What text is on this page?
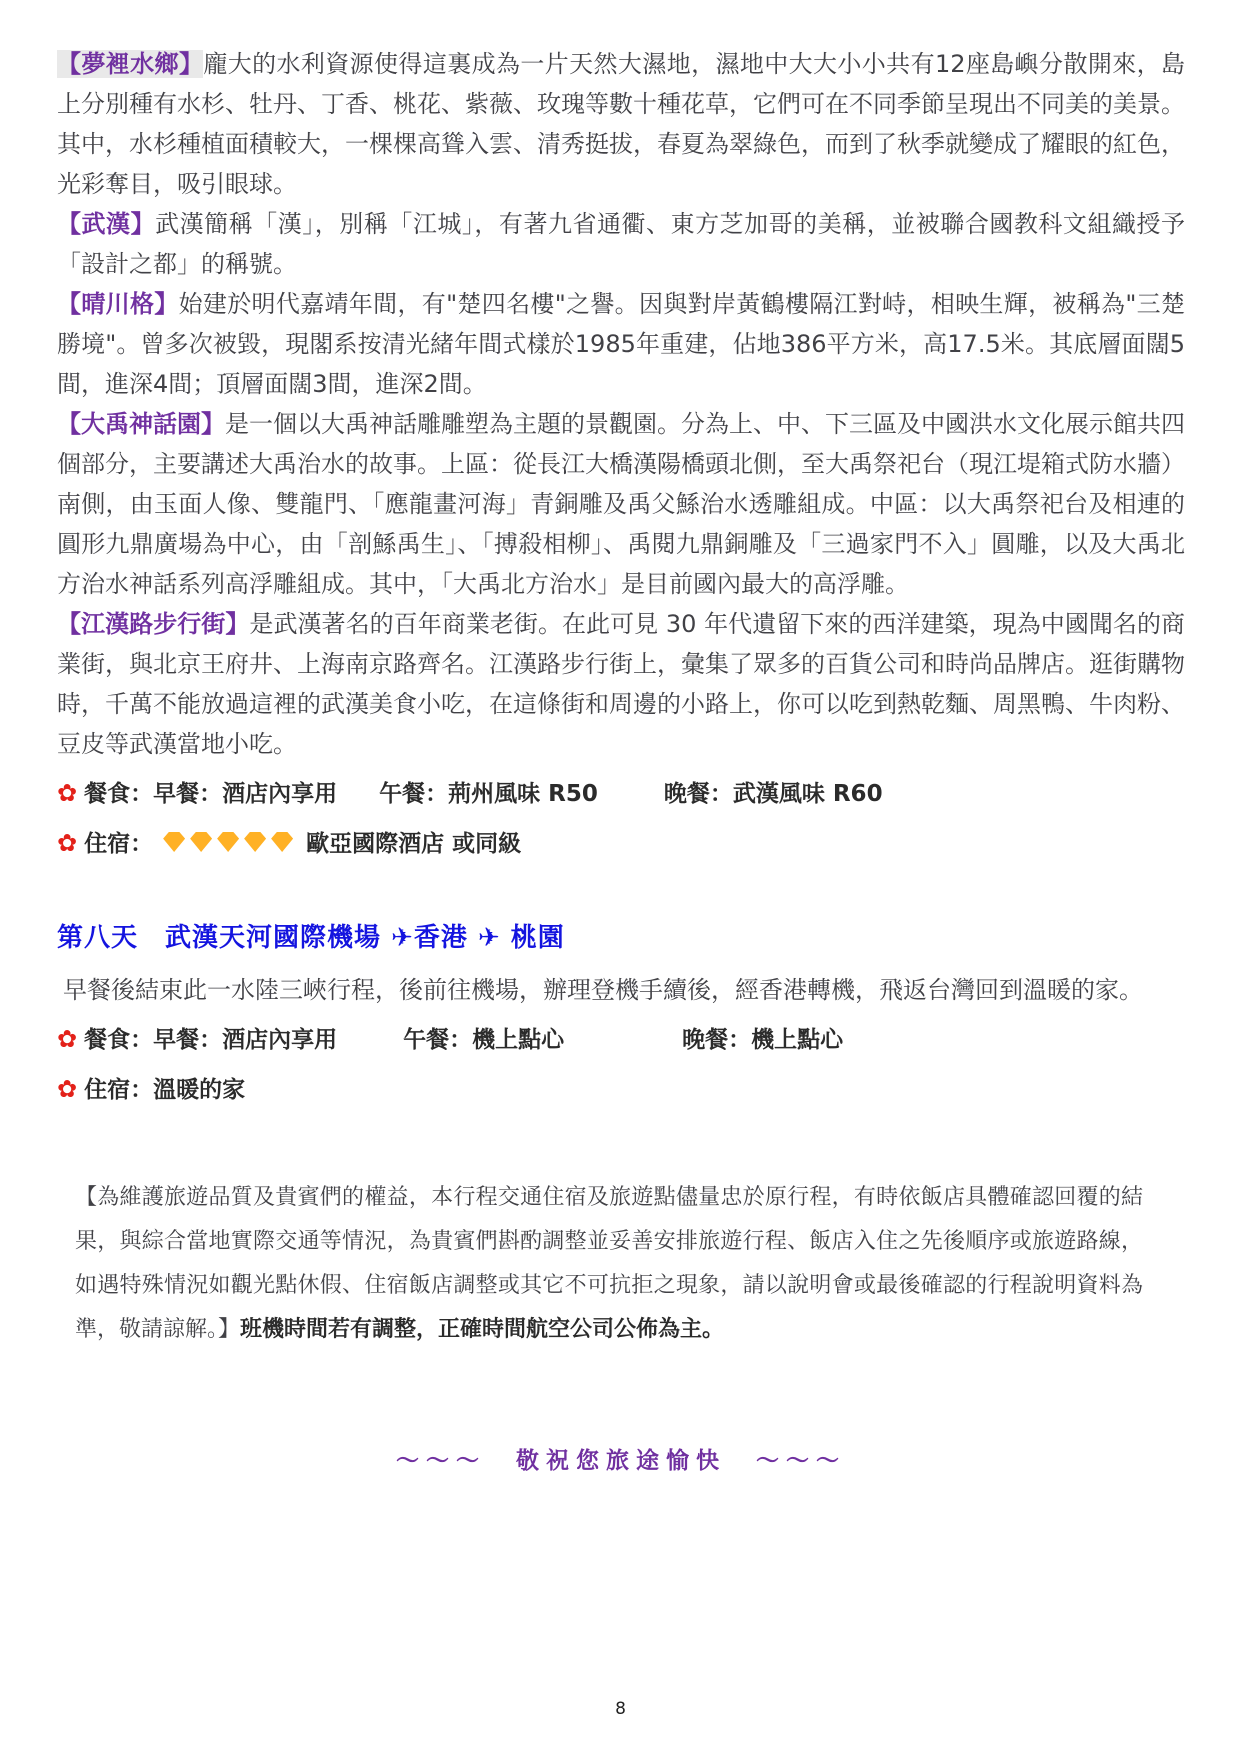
【夢裡水鄉】龐大的水利資源使得這裏成為一片天然大濕地，濕地中大大小小共有12座島嶼分散開來，島上分別種有水杉、牡丹、丁香、桃花、紫薇、玫瑰等數十種花草，它們可在不同季節呈現出不同美的美景。其中，水杉種植面積較大，一棵棵高聳入雲、清秀挺拔，春夏為翠綠色，而到了秋季就變成了耀眼的紅色，光彩奪目，吸引眼球。

【武漢】武漢簡稱「漢」，別稱「江城」，有著九省通衢、東方芝加哥的美稱，並被聯合國教科文組織授予「設計之都」的稱號。

【晴川格】始建於明代嘉靖年間，有"楚四名樓"之譽。因與對岸黃鶴樓隔江對峙，相映生輝，被稱為"三楚勝境"。曾多次被毀，現閣系按清光緒年間式樣於1985年重建，佔地386平方米，高17.5米。其底層面闊5間，進深4間；頂層面闊3間，進深2間。

【大禹神話園】是一個以大禹神話雕雕塑為主題的景觀園。分為上、中、下三區及中國洪水文化展示館共四個部分，主要講述大禹治水的故事。上區：從長江大橋漢陽橋頭北側，至大禹祭祀台（現江堤箱式防水牆）南側，由玉面人像、雙龍門、「應龍畫河海」青銅雕及禹父鯀治水透雕組成。中區：以大禹祭祀台及相連的圓形九鼎廣場為中心，由「剖鯀禹生」、「搏殺相柳」、禹閱九鼎銅雕及「三過家門不入」圓雕，以及大禹北方治水神話系列高浮雕組成。其中，「大禹北方治水」是目前國內最大的高浮雕。

【江漢路步行街】是武漢著名的百年商業老街。在此可見 30 年代遺留下來的西洋建築，現為中國聞名的商業街，與北京王府井、上海南京路齊名。江漢路步行街上，彙集了眾多的百貨公司和時尚品牌店。逛街購物時，千萬不能放過這裡的武漢美食小吃，在這條街和周邊的小路上，你可以吃到熱乾麵、周黑鴨、牛肉粉、豆皮等武漢當地小吃。

✿ 餐食：早餐：酒店內享用 午餐：荊州風味 R50	晚餐：武漢風味 R60
✿ 住宿：	歐亞國際酒店 或同級
第八天　武漢天河國際機場 ✈香港 ✈ 桃園

早餐後結束此一水陸三峽行程，後前往機場，辦理登機手續後，經香港轉機，飛返台灣回到溫暖的家。

✿ 餐食：早餐：酒店內享用	午餐：機上點心	晚餐：機上點心
✿ 住宿：溫暖的家

【為維護旅遊品質及貴賓們的權益，本行程交通住宿及旅遊點儘量忠於原行程，有時依飯店具體確認回覆的結果，與綜合當地實際交通等情況，為貴賓們斟酌調整並妥善安排旅遊行程、飯店入住之先後順序或旅遊路線，如遇特殊情況如觀光點休假、住宿飯店調整或其它不可抗拒之現象，請以說明會或最後確認的行程說明資料為準，敬請諒解。】班機時間若有調整，正確時間航空公司公佈為主。

～～～　敬祝您旅途愉快　～～～
8
